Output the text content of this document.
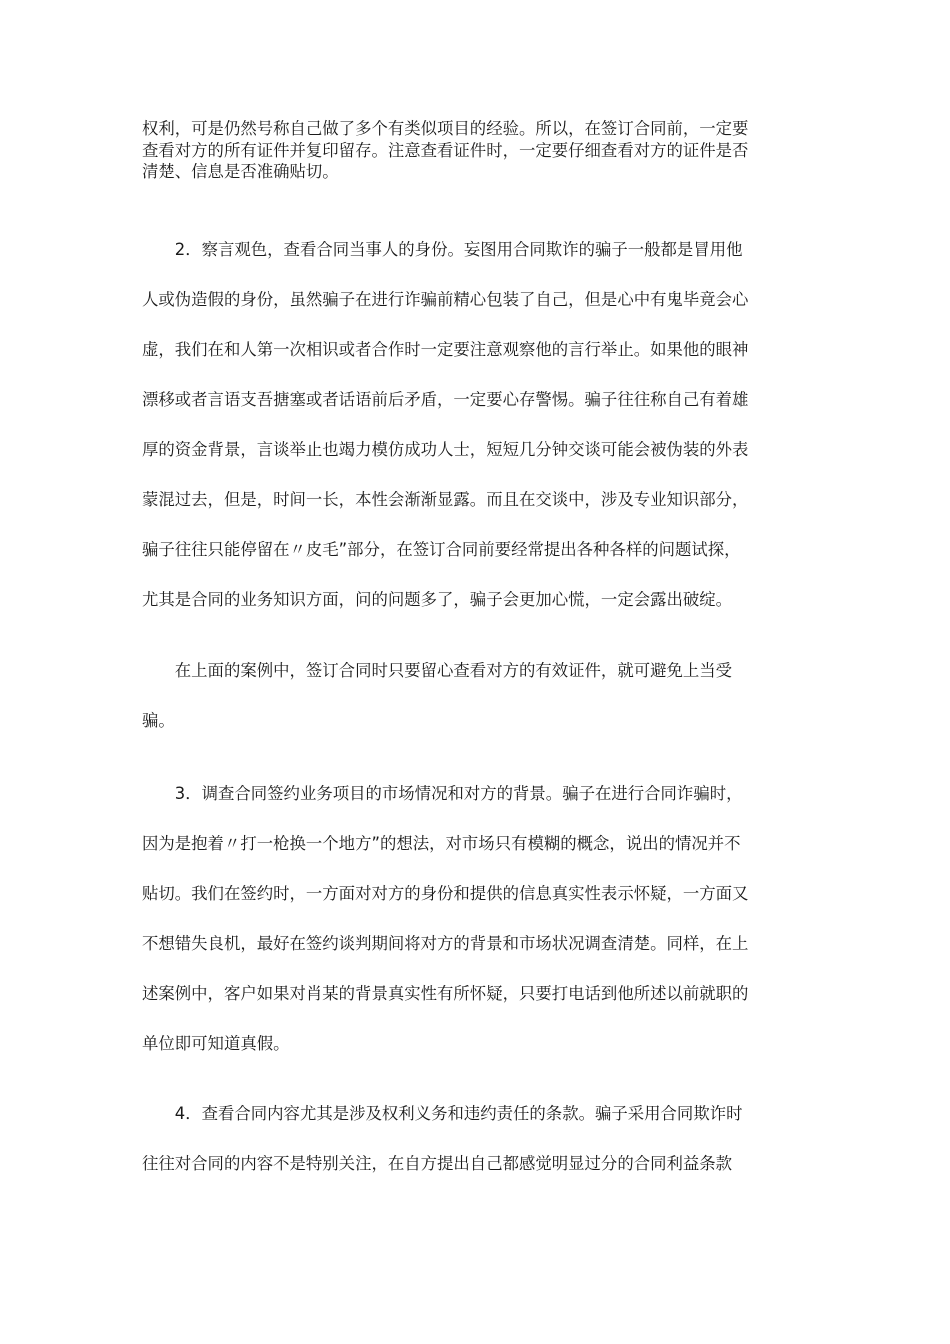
权利，可是仍然号称自己做了多个有类似项目的经验。所以，在签订合同前，一定要
查看对方的所有证件并复印留存。注意查看证件时，一定要仔细查看对方的证件是否
清楚、信息是否准确贴切。
　　2．察言观色，查看合同当事人的身份。妄图用合同欺诈的骗子一般都是冒用他
人或伪造假的身份，虽然骗子在进行诈骗前精心包装了自己，但是心中有鬼毕竟会心
虚，我们在和人第一次相识或者合作时一定要注意观察他的言行举止。如果他的眼神
漂移或者言语支吾搪塞或者话语前后矛盾，一定要心存警惕。骗子往往称自己有着雄
厚的资金背景，言谈举止也竭力模仿成功人士，短短几分钟交谈可能会被伪装的外表
蒙混过去，但是，时间一长，本性会渐渐显露。而且在交谈中，涉及专业知识部分，
骗子往往只能停留在〃皮毛”部分，在签订合同前要经常提出各种各样的问题试探，
尤其是合同的业务知识方面，问的问题多了，骗子会更加心慌，一定会露出破绽。
　　在上面的案例中，签订合同时只要留心查看对方的有效证件，就可避免上当受
骗。
　　3．调查合同签约业务项目的市场情况和对方的背景。骗子在进行合同诈骗时，
因为是抱着〃打一枪换一个地方”的想法，对市场只有模糊的概念，说出的情况并不
贴切。我们在签约时，一方面对对方的身份和提供的信息真实性表示怀疑，一方面又
不想错失良机，最好在签约谈判期间将对方的背景和市场状况调查清楚。同样，在上
述案例中，客户如果对肖某的背景真实性有所怀疑，只要打电话到他所述以前就职的
单位即可知道真假。
　　4．查看合同内容尤其是涉及权利义务和违约责任的条款。骗子采用合同欺诈时
往往对合同的内容不是特别关注，在自方提出自己都感觉明显过分的合同利益条款
